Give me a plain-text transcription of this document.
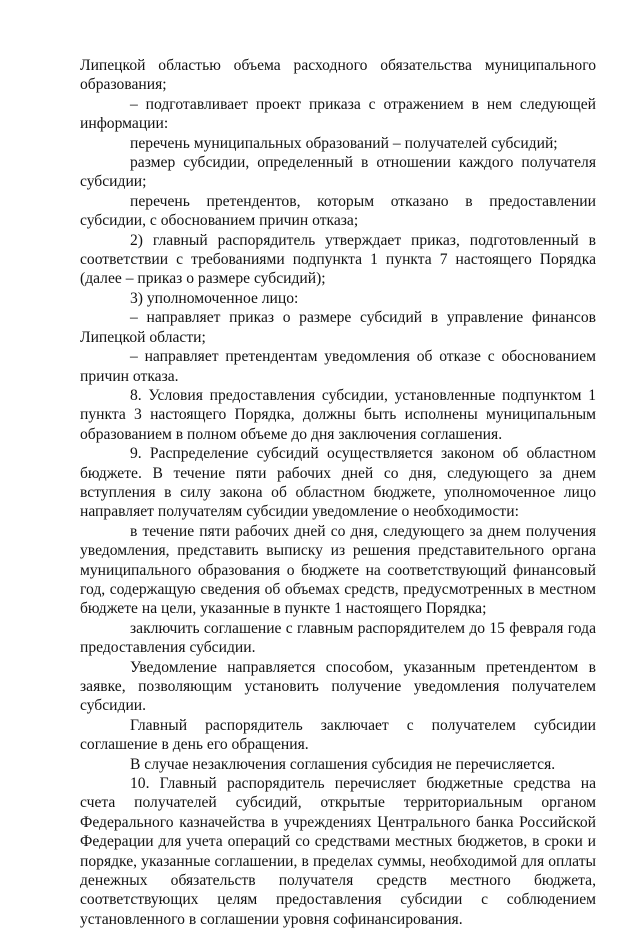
Липецкой областью объема расходного обязательства муниципального образования;

– подготавливает проект приказа с отражением в нем следующей информации:

перечень муниципальных образований – получателей субсидий;

размер субсидии, определенный в отношении каждого получателя субсидии;

перечень претендентов, которым отказано в предоставлении субсидии, с обоснованием причин отказа;

2) главный распорядитель утверждает приказ, подготовленный в соответствии с требованиями подпункта 1 пункта 7 настоящего Порядка (далее – приказ о размере субсидий);

3) уполномоченное лицо:

– направляет приказ о размере субсидий в управление финансов Липецкой области;

– направляет претендентам уведомления об отказе с обоснованием причин отказа.

8. Условия предоставления субсидии, установленные подпунктом 1 пункта 3 настоящего Порядка, должны быть исполнены муниципальным образованием в полном объеме до дня заключения соглашения.

9. Распределение субсидий осуществляется законом об областном бюджете. В течение пяти рабочих дней со дня, следующего за днем вступления в силу закона об областном бюджете, уполномоченное лицо направляет получателям субсидии уведомление о необходимости:

в течение пяти рабочих дней со дня, следующего за днем получения уведомления, представить выписку из решения представительного органа муниципального образования о бюджете на соответствующий финансовый год, содержащую сведения об объемах средств, предусмотренных в местном бюджете на цели, указанные в пункте 1 настоящего Порядка;

заключить соглашение с главным распорядителем до 15 февраля года предоставления субсидии.

Уведомление направляется способом, указанным претендентом в заявке, позволяющим установить получение уведомления получателем субсидии.

Главный распорядитель заключает с получателем субсидии соглашение в день его обращения.

В случае незаключения соглашения субсидия не перечисляется.

10. Главный распорядитель перечисляет бюджетные средства на счета получателей субсидий, открытые территориальным органом Федерального казначейства в учреждениях Центрального банка Российской Федерации для учета операций со средствами местных бюджетов, в сроки и порядке, указанные соглашении, в пределах суммы, необходимой для оплаты денежных обязательств получателя средств местного бюджета, соответствующих целям предоставления субсидии с соблюдением установленного в соглашении уровня софинансирования.
